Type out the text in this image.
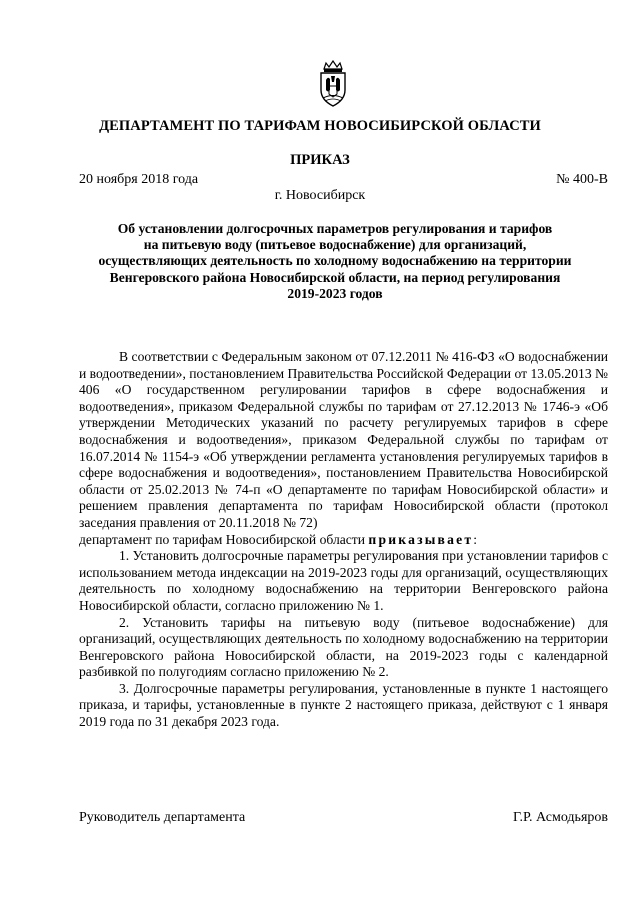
ДЕПАРТАМЕНТ ПО ТАРИФАМ НОВОСИБИРСКОЙ ОБЛАСТИ
ПРИКАЗ
20 ноября 2018 года	№ 400-В
г. Новосибирск
Об установлении долгосрочных параметров регулирования и тарифов
на питьевую воду (питьевое водоснабжение) для организаций,
осуществляющих деятельность по холодному водоснабжению на территории
Венгеровского района Новосибирской области, на период регулирования
2019-2023 годов

В соответствии с Федеральным законом от 07.12.2011 № 416-ФЗ «О водоснабжении и водоотведении», постановлением Правительства Российской Федерации от 13.05.2013 № 406 «О государственном регулировании тарифов в сфере водоснабжения и водоотведения», приказом Федеральной службы по тарифам от 27.12.2013 № 1746-э «Об утверждении Методических указаний по расчету регулируемых тарифов в сфере водоснабжения и водоотведения», приказом Федеральной службы по тарифам от 16.07.2014 № 1154-э «Об утверждении регламента установления регулируемых тарифов в сфере водоснабжения и водоотведения», постановлением Правительства Новосибирской области от 25.02.2013 № 74-п «О департаменте по тарифам Новосибирской области» и решением правления департамента по тарифам Новосибирской области (протокол заседания правления от 20.11.2018 № 72)

департамент по тарифам Новосибирской области приказывает:

1. Установить долгосрочные параметры регулирования при установлении тарифов с использованием метода индексации на 2019-2023 годы для организаций, осуществляющих деятельность по холодному водоснабжению на территории Венгеровского района Новосибирской области, согласно приложению № 1.

2. Установить тарифы на питьевую воду (питьевое водоснабжение) для организаций, осуществляющих деятельность по холодному водоснабжению на территории Венгеровского района Новосибирской области, на 2019-2023 годы с календарной разбивкой по полугодиям согласно приложению № 2.

3. Долгосрочные параметры регулирования, установленные в пункте 1 настоящего приказа, и тарифы, установленные в пункте 2 настоящего приказа, действуют с 1 января 2019 года по 31 декабря 2023 года.

Руководитель департамента	Г.Р. Асмодьяров
